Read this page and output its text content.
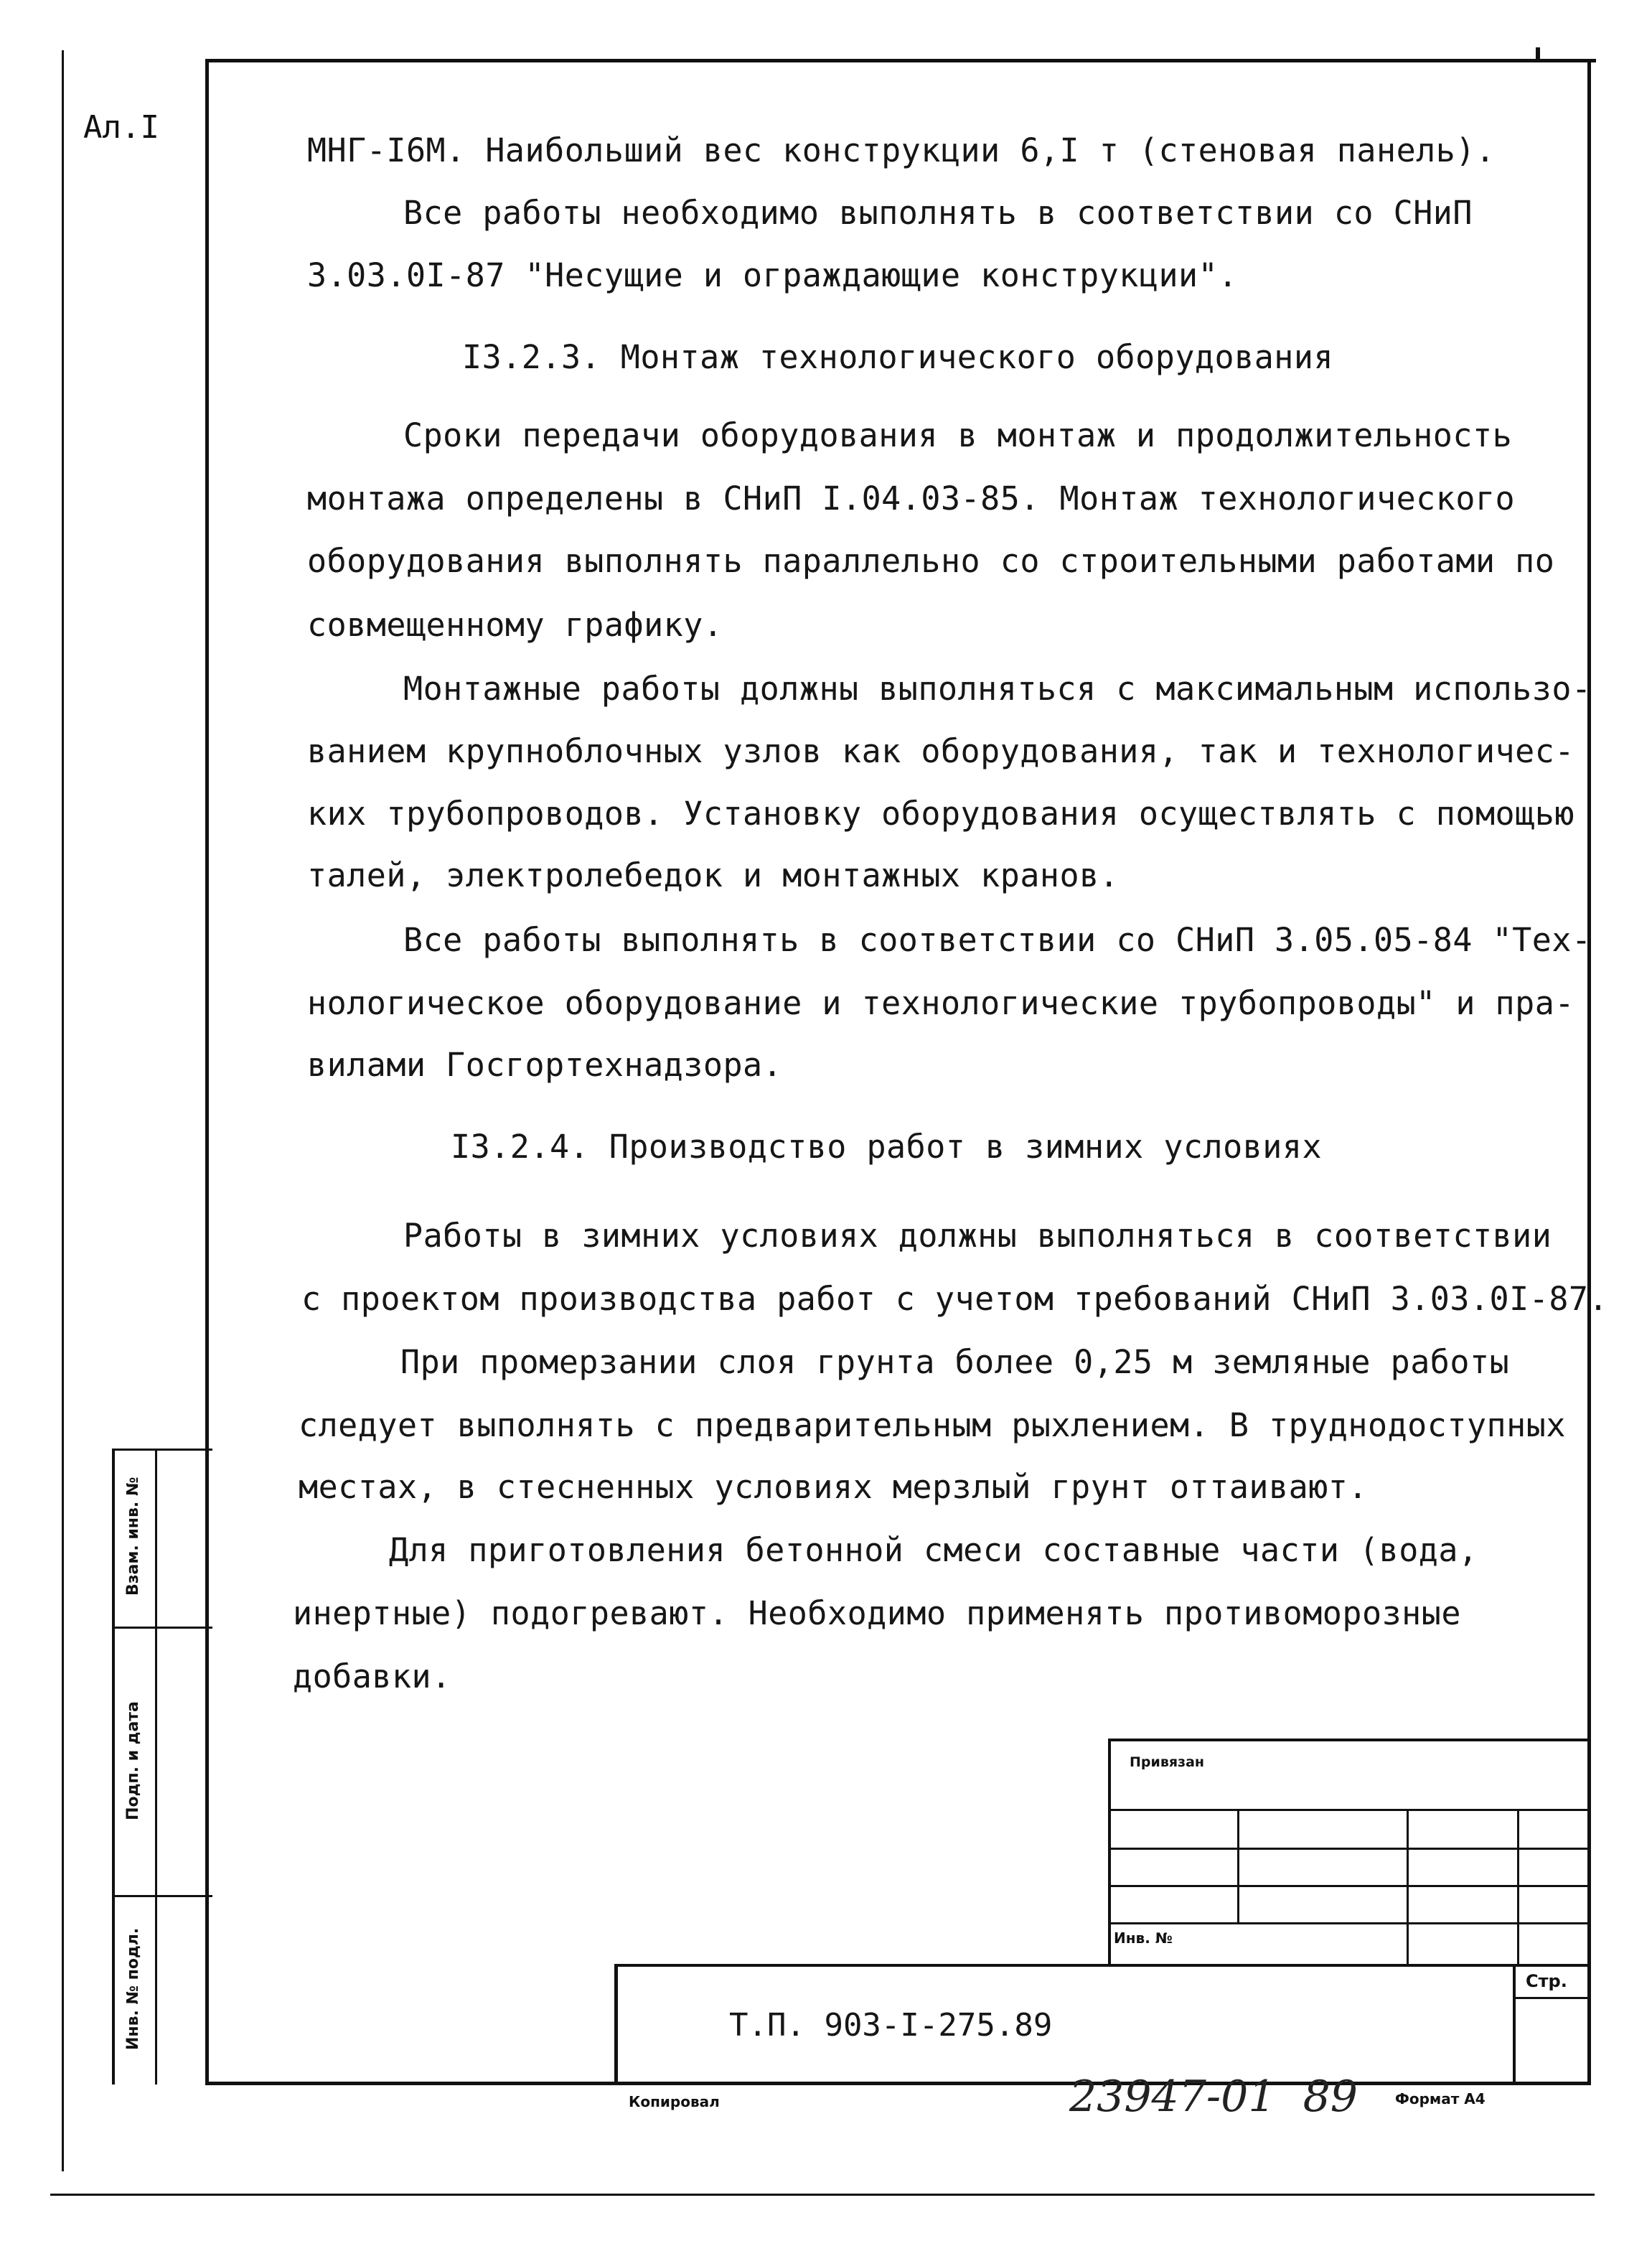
Ал.I
МНГ-I6М. Наибольший вес конструкции 6,I т (стеновая панель).
Все работы необходимо выполнять в соответствии со СНиП
3.03.0I-87 "Несущие и ограждающие конструкции".
I3.2.3. Монтаж технологического оборудования
Сроки передачи оборудования в монтаж и продолжительность
монтажа определены в СНиП I.04.03-85. Монтаж технологического
оборудования выполнять параллельно со строительными работами по
совмещенному графику.
Монтажные работы должны выполняться с максимальным использо-
ванием крупноблочных узлов как оборудования, так и технологичес-
ких трубопроводов. Установку оборудования осуществлять с помощью
талей, электролебедок и монтажных кранов.
Все работы выполнять в соответствии со СНиП 3.05.05-84 "Тех-
нологическое оборудование и технологические трубопроводы" и пра-
вилами Госгортехнадзора.
I3.2.4. Производство работ в зимних условиях
Работы в зимних условиях должны выполняться в соответствии
с проектом производства работ с учетом требований СНиП 3.03.0I-87.
При промерзании слоя грунта более 0,25 м земляные работы
следует выполнять с предварительным рыхлением. В труднодоступных
местах, в стесненных условиях мерзлый грунт оттаивают.
Для приготовления бетонной смеси составные части (вода,
инертные) подогревают. Необходимо применять противоморозные
добавки.
Взам. инв. №
Подп. и дата
Инв. № подл.
Привязан
Инв. №
Стр.
Т.П. 903-I-275.89
Копировал	23947-01  89	Формат А4
